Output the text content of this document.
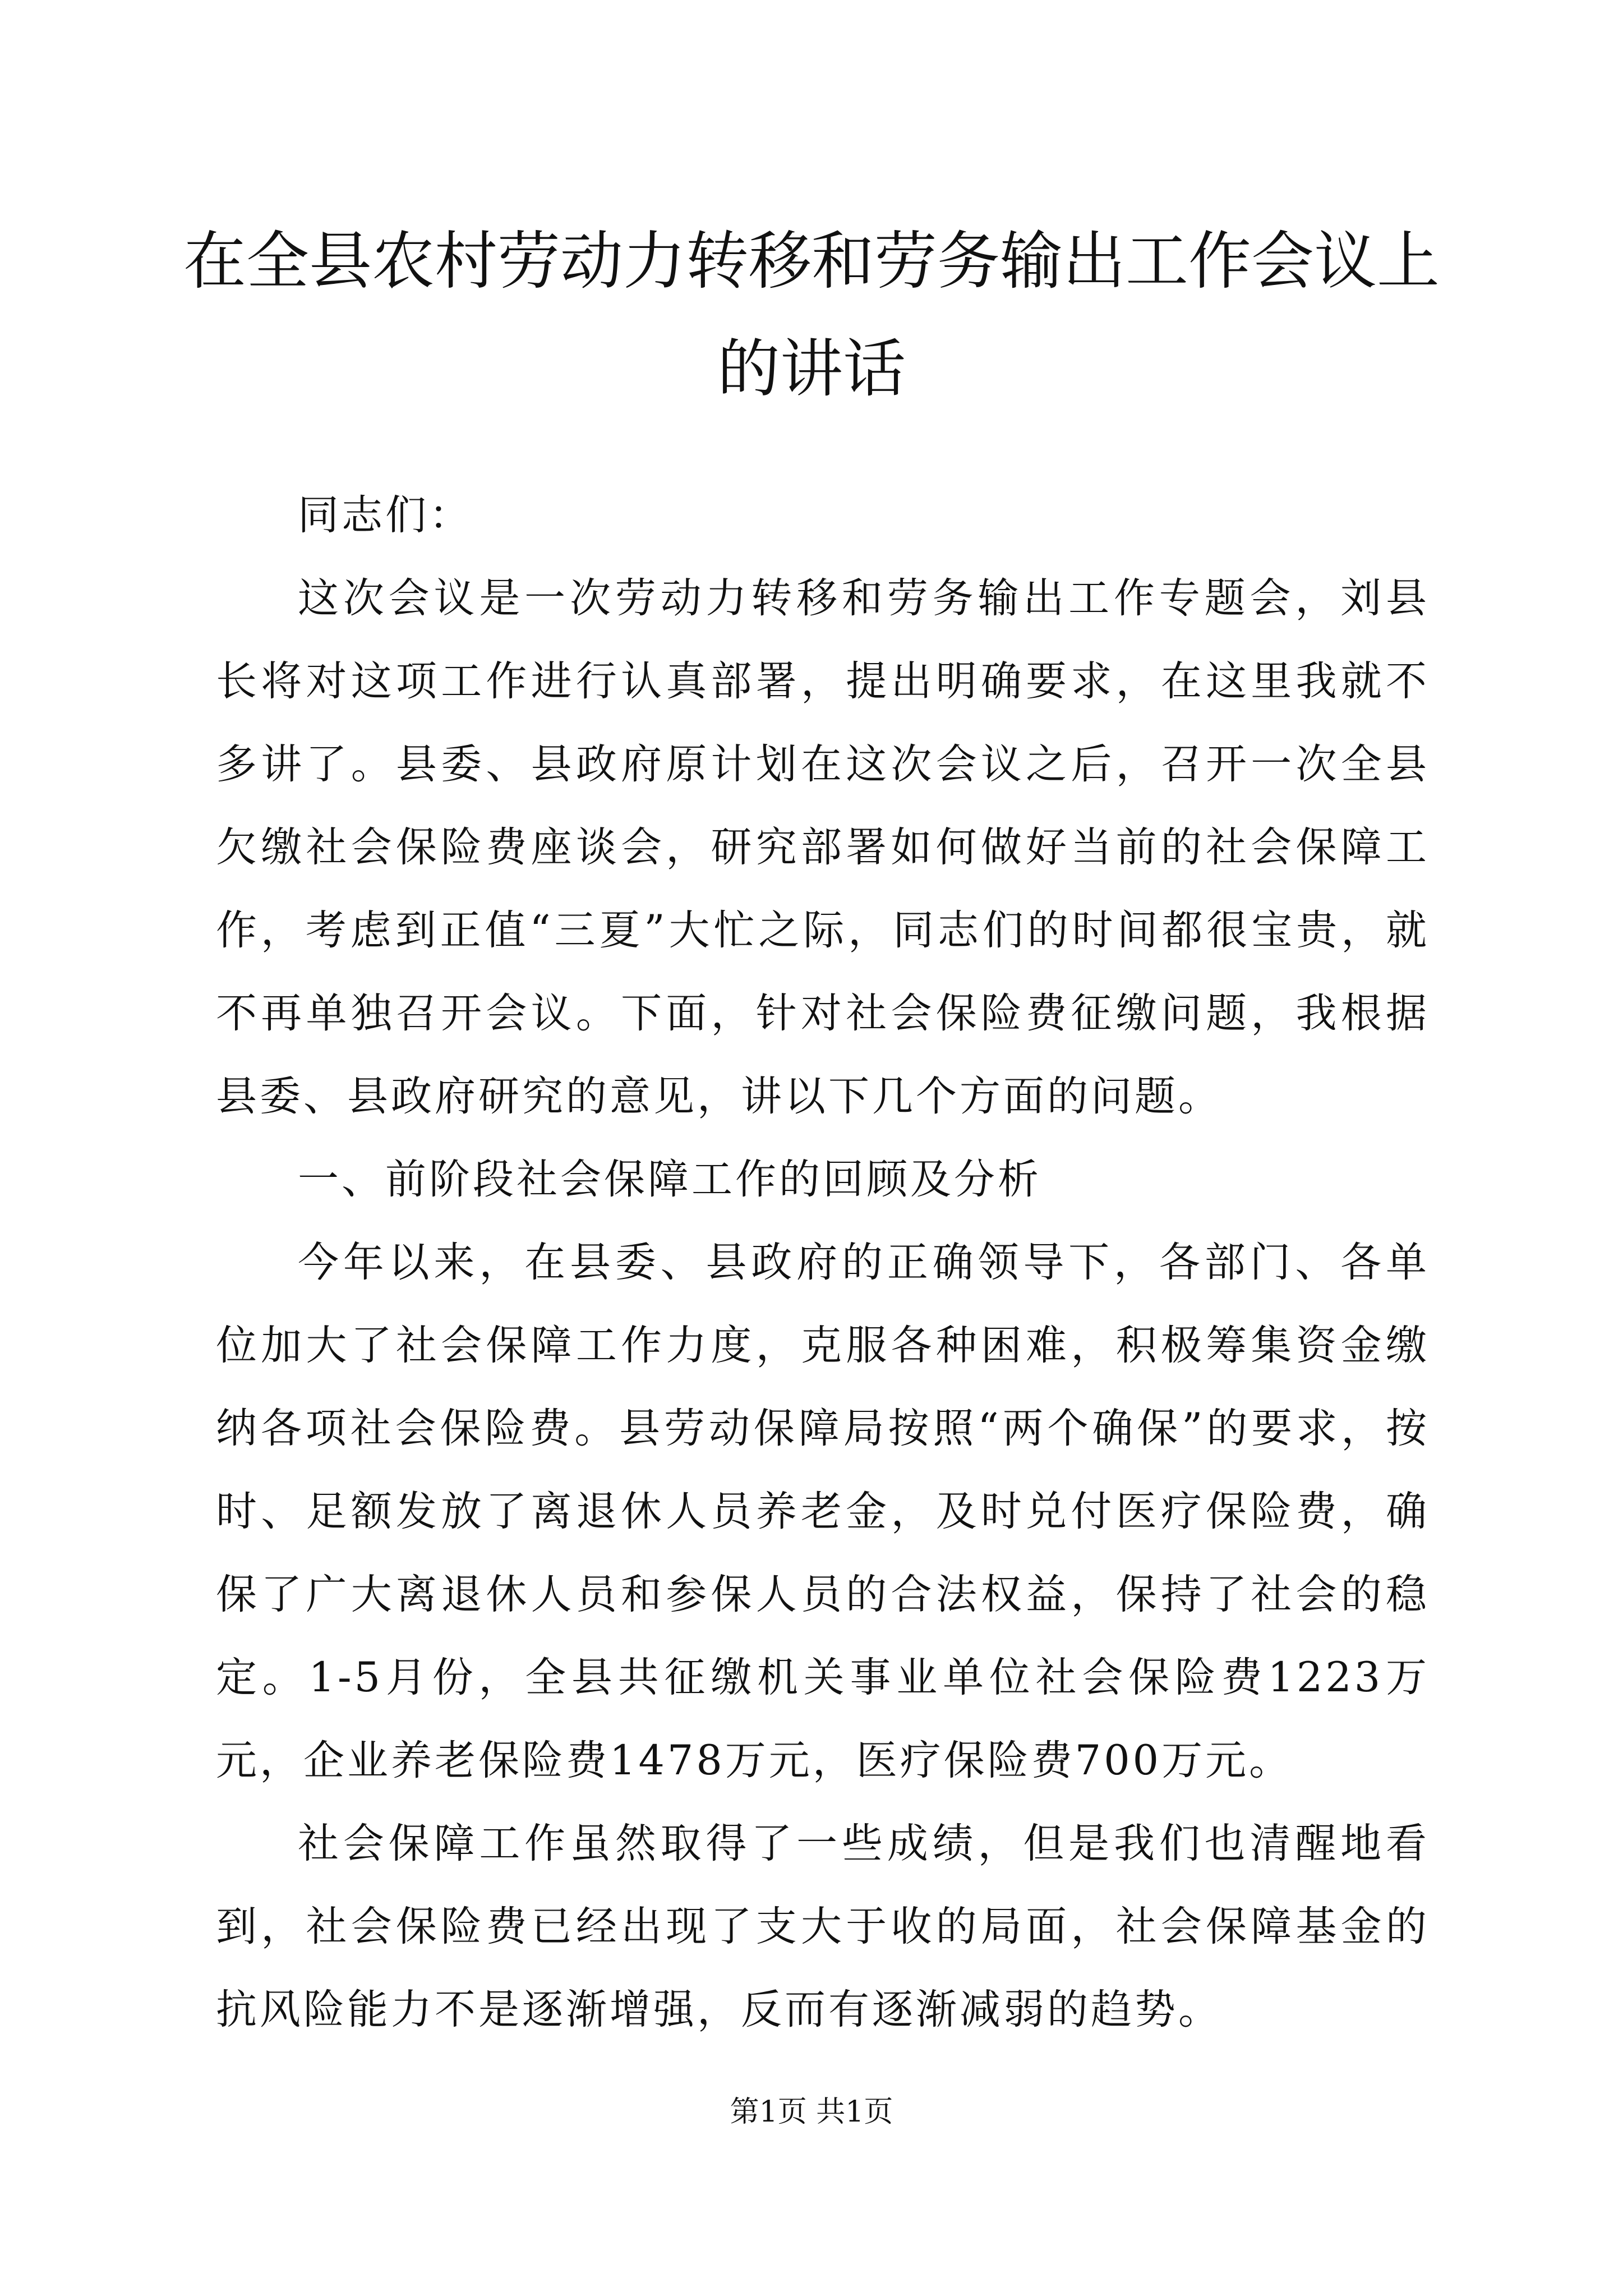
在全县农村劳动力转移和劳务输出工作会议上的讲话

同志们：

这次会议是一次劳动力转移和劳务输出工作专题会，刘县长将对这项工作进行认真部署，提出明确要求，在这里我就不多讲了。县委、县政府原计划在这次会议之后，召开一次全县欠缴社会保险费座谈会，研究部署如何做好当前的社会保障工作，考虑到正值“三夏”大忙之际，同志们的时间都很宝贵，就不再单独召开会议。下面，针对社会保险费征缴问题，我根据县委、县政府研究的意见，讲以下几个方面的问题。

一、前阶段社会保障工作的回顾及分析

今年以来，在县委、县政府的正确领导下，各部门、各单位加大了社会保障工作力度，克服各种困难，积极筹集资金缴纳各项社会保险费。县劳动保障局按照“两个确保”的要求，按时、足额发放了离退休人员养老金，及时兑付医疗保险费，确保了广大离退休人员和参保人员的合法权益，保持了社会的稳定。1-5月份，全县共征缴机关事业单位社会保险费1223万元，企业养老保险费1478万元，医疗保险费700万元。

社会保障工作虽然取得了一些成绩，但是我们也清醒地看到，社会保险费已经出现了支大于收的局面，社会保障基金的抗风险能力不是逐渐增强，反而有逐渐减弱的趋势。

第1页 共1页
